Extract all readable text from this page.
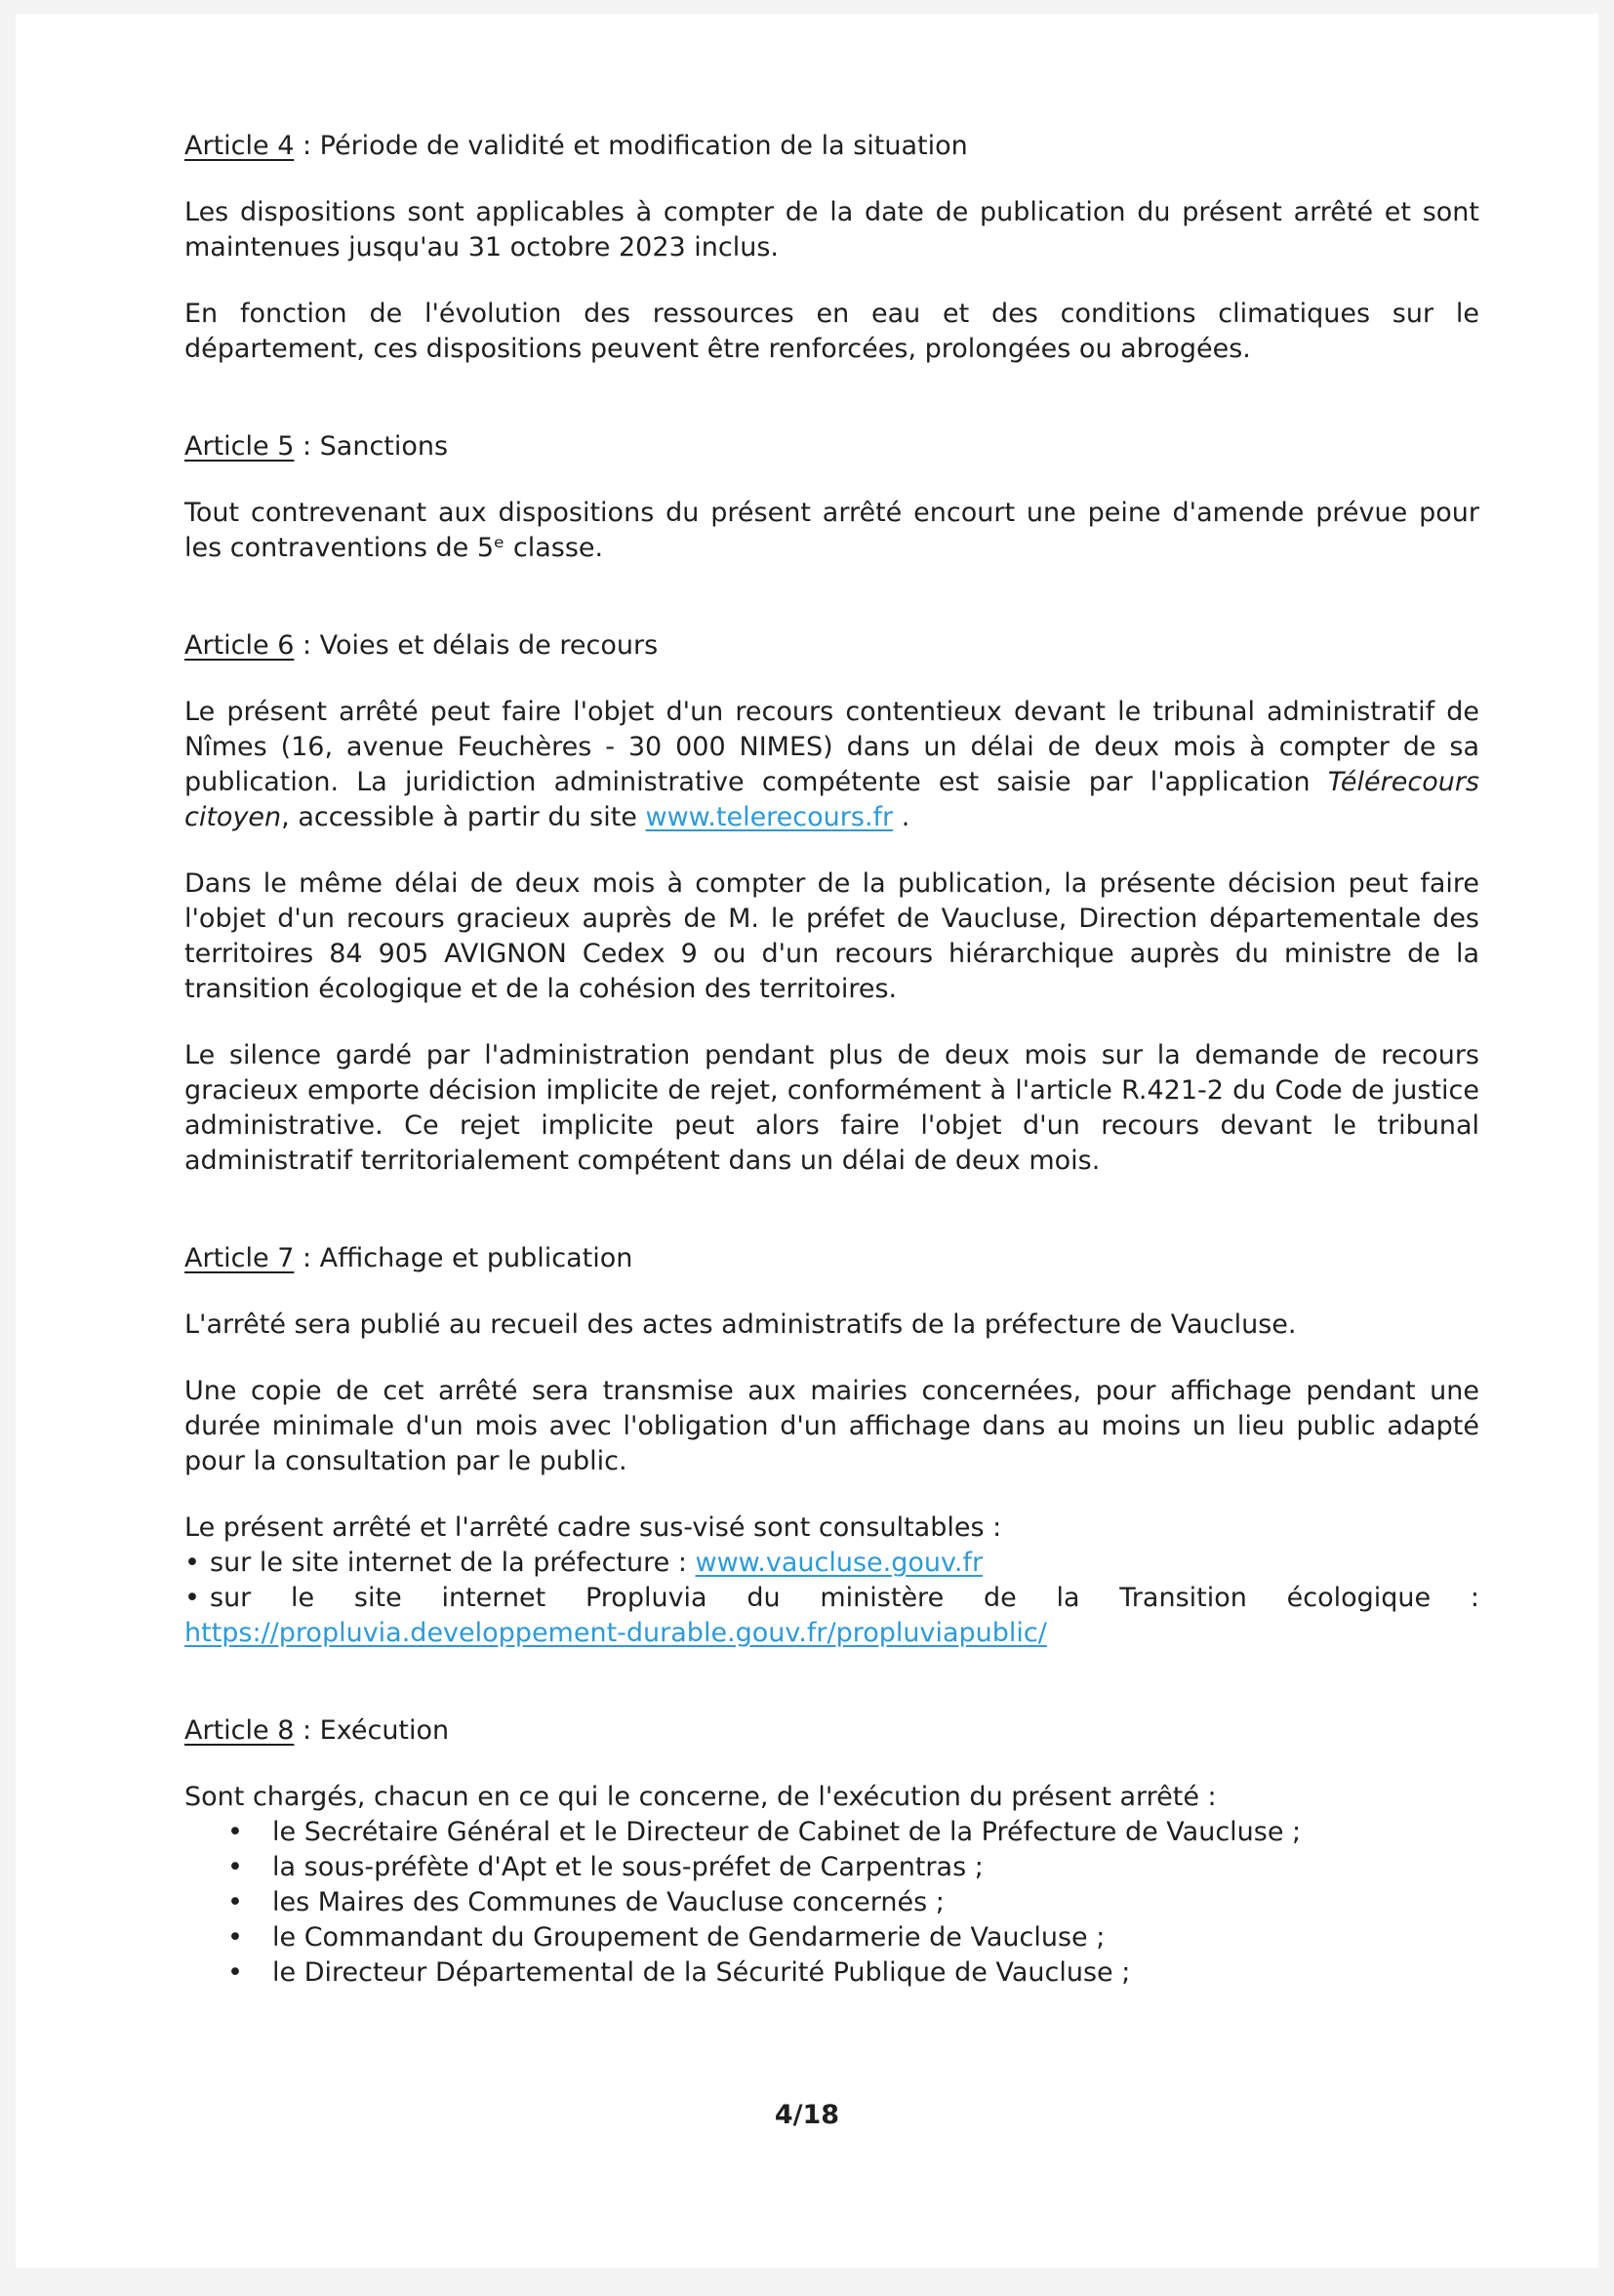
Article 4 : Période de validité et modification de la situation

Les dispositions sont applicables à compter de la date de publication du présent arrêté et sont maintenues jusqu'au 31 octobre 2023 inclus.

En fonction de l'évolution des ressources en eau et des conditions climatiques sur le département, ces dispositions peuvent être renforcées, prolongées ou abrogées.

Article 5 : Sanctions

Tout contrevenant aux dispositions du présent arrêté encourt une peine d'amende prévue pour les contraventions de 5ᵉ classe.

Article 6 : Voies et délais de recours

Le présent arrêté peut faire l'objet d'un recours contentieux devant le tribunal administratif de Nîmes (16, avenue Feuchères - 30 000 NIMES) dans un délai de deux mois à compter de sa publication. La juridiction administrative compétente est saisie par l'application Télérecours citoyen, accessible à partir du site www.telerecours.fr .

Dans le même délai de deux mois à compter de la publication, la présente décision peut faire l'objet d'un recours gracieux auprès de M. le préfet de Vaucluse, Direction départementale des territoires 84 905 AVIGNON Cedex 9 ou d'un recours hiérarchique auprès du ministre de la transition écologique et de la cohésion des territoires.

Le silence gardé par l'administration pendant plus de deux mois sur la demande de recours gracieux emporte décision implicite de rejet, conformément à l'article R.421-2 du Code de justice administrative. Ce rejet implicite peut alors faire l'objet d'un recours devant le tribunal administratif territorialement compétent dans un délai de deux mois.

Article 7 : Affichage et publication

L'arrêté sera publié au recueil des actes administratifs de la préfecture de Vaucluse.

Une copie de cet arrêté sera transmise aux mairies concernées, pour affichage pendant une durée minimale d'un mois avec l'obligation d'un affichage dans au moins un lieu public adapté pour la consultation par le public.

Le présent arrêté et l'arrêté cadre sus-visé sont consultables :
• sur le site internet de la préfecture : www.vaucluse.gouv.fr
• sur le site internet Propluvia du ministère de la Transition écologique :
https://propluvia.developpement-durable.gouv.fr/propluviapublic/
Article 8 : Exécution
Sont chargés, chacun en ce qui le concerne, de l'exécution du présent arrêté :
• le Secrétaire Général et le Directeur de Cabinet de la Préfecture de Vaucluse ;
• la sous-préfète d'Apt et le sous-préfet de Carpentras ;
• les Maires des Communes de Vaucluse concernés ;
• le Commandant du Groupement de Gendarmerie de Vaucluse ;
• le Directeur Départemental de la Sécurité Publique de Vaucluse ;
4/18
